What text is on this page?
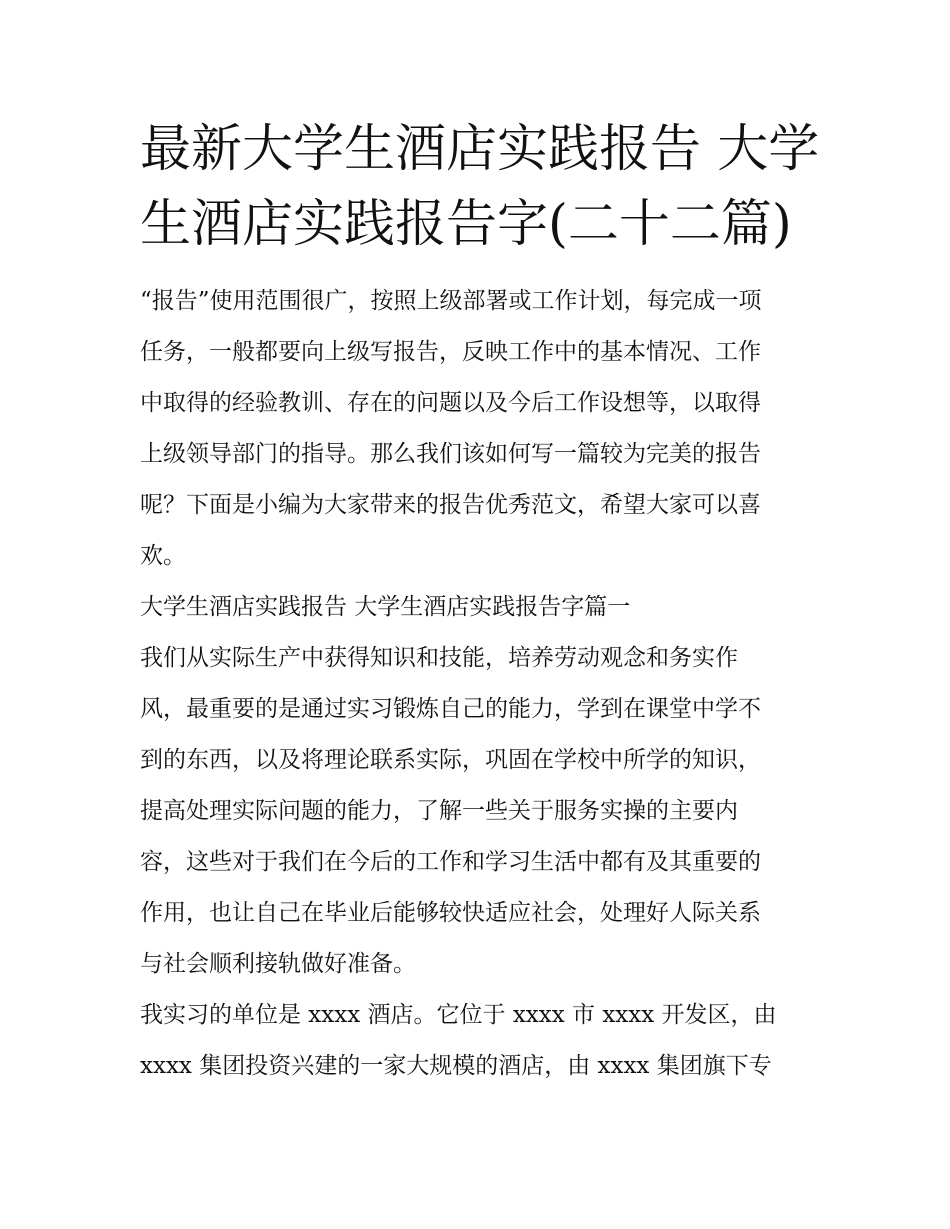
最新大学生酒店实践报告 大学
生酒店实践报告字(二十二篇)
“报告”使用范围很广，按照上级部署或工作计划，每完成一项
任务，一般都要向上级写报告，反映工作中的基本情况、工作
中取得的经验教训、存在的问题以及今后工作设想等，以取得
上级领导部门的指导。那么我们该如何写一篇较为完美的报告
呢？下面是小编为大家带来的报告优秀范文，希望大家可以喜
欢。
大学生酒店实践报告 大学生酒店实践报告字篇一
我们从实际生产中获得知识和技能，培养劳动观念和务实作
风，最重要的是通过实习锻炼自己的能力，学到在课堂中学不
到的东西，以及将理论联系实际，巩固在学校中所学的知识，
提高处理实际问题的能力，了解一些关于服务实操的主要内
容，这些对于我们在今后的工作和学习生活中都有及其重要的
作用，也让自己在毕业后能够较快适应社会，处理好人际关系
与社会顺利接轨做好准备。
我实习的单位是 xxxx 酒店。它位于 xxxx 市 xxxx 开发区，由
xxxx 集团投资兴建的一家大规模的酒店，由 xxxx 集团旗下专
